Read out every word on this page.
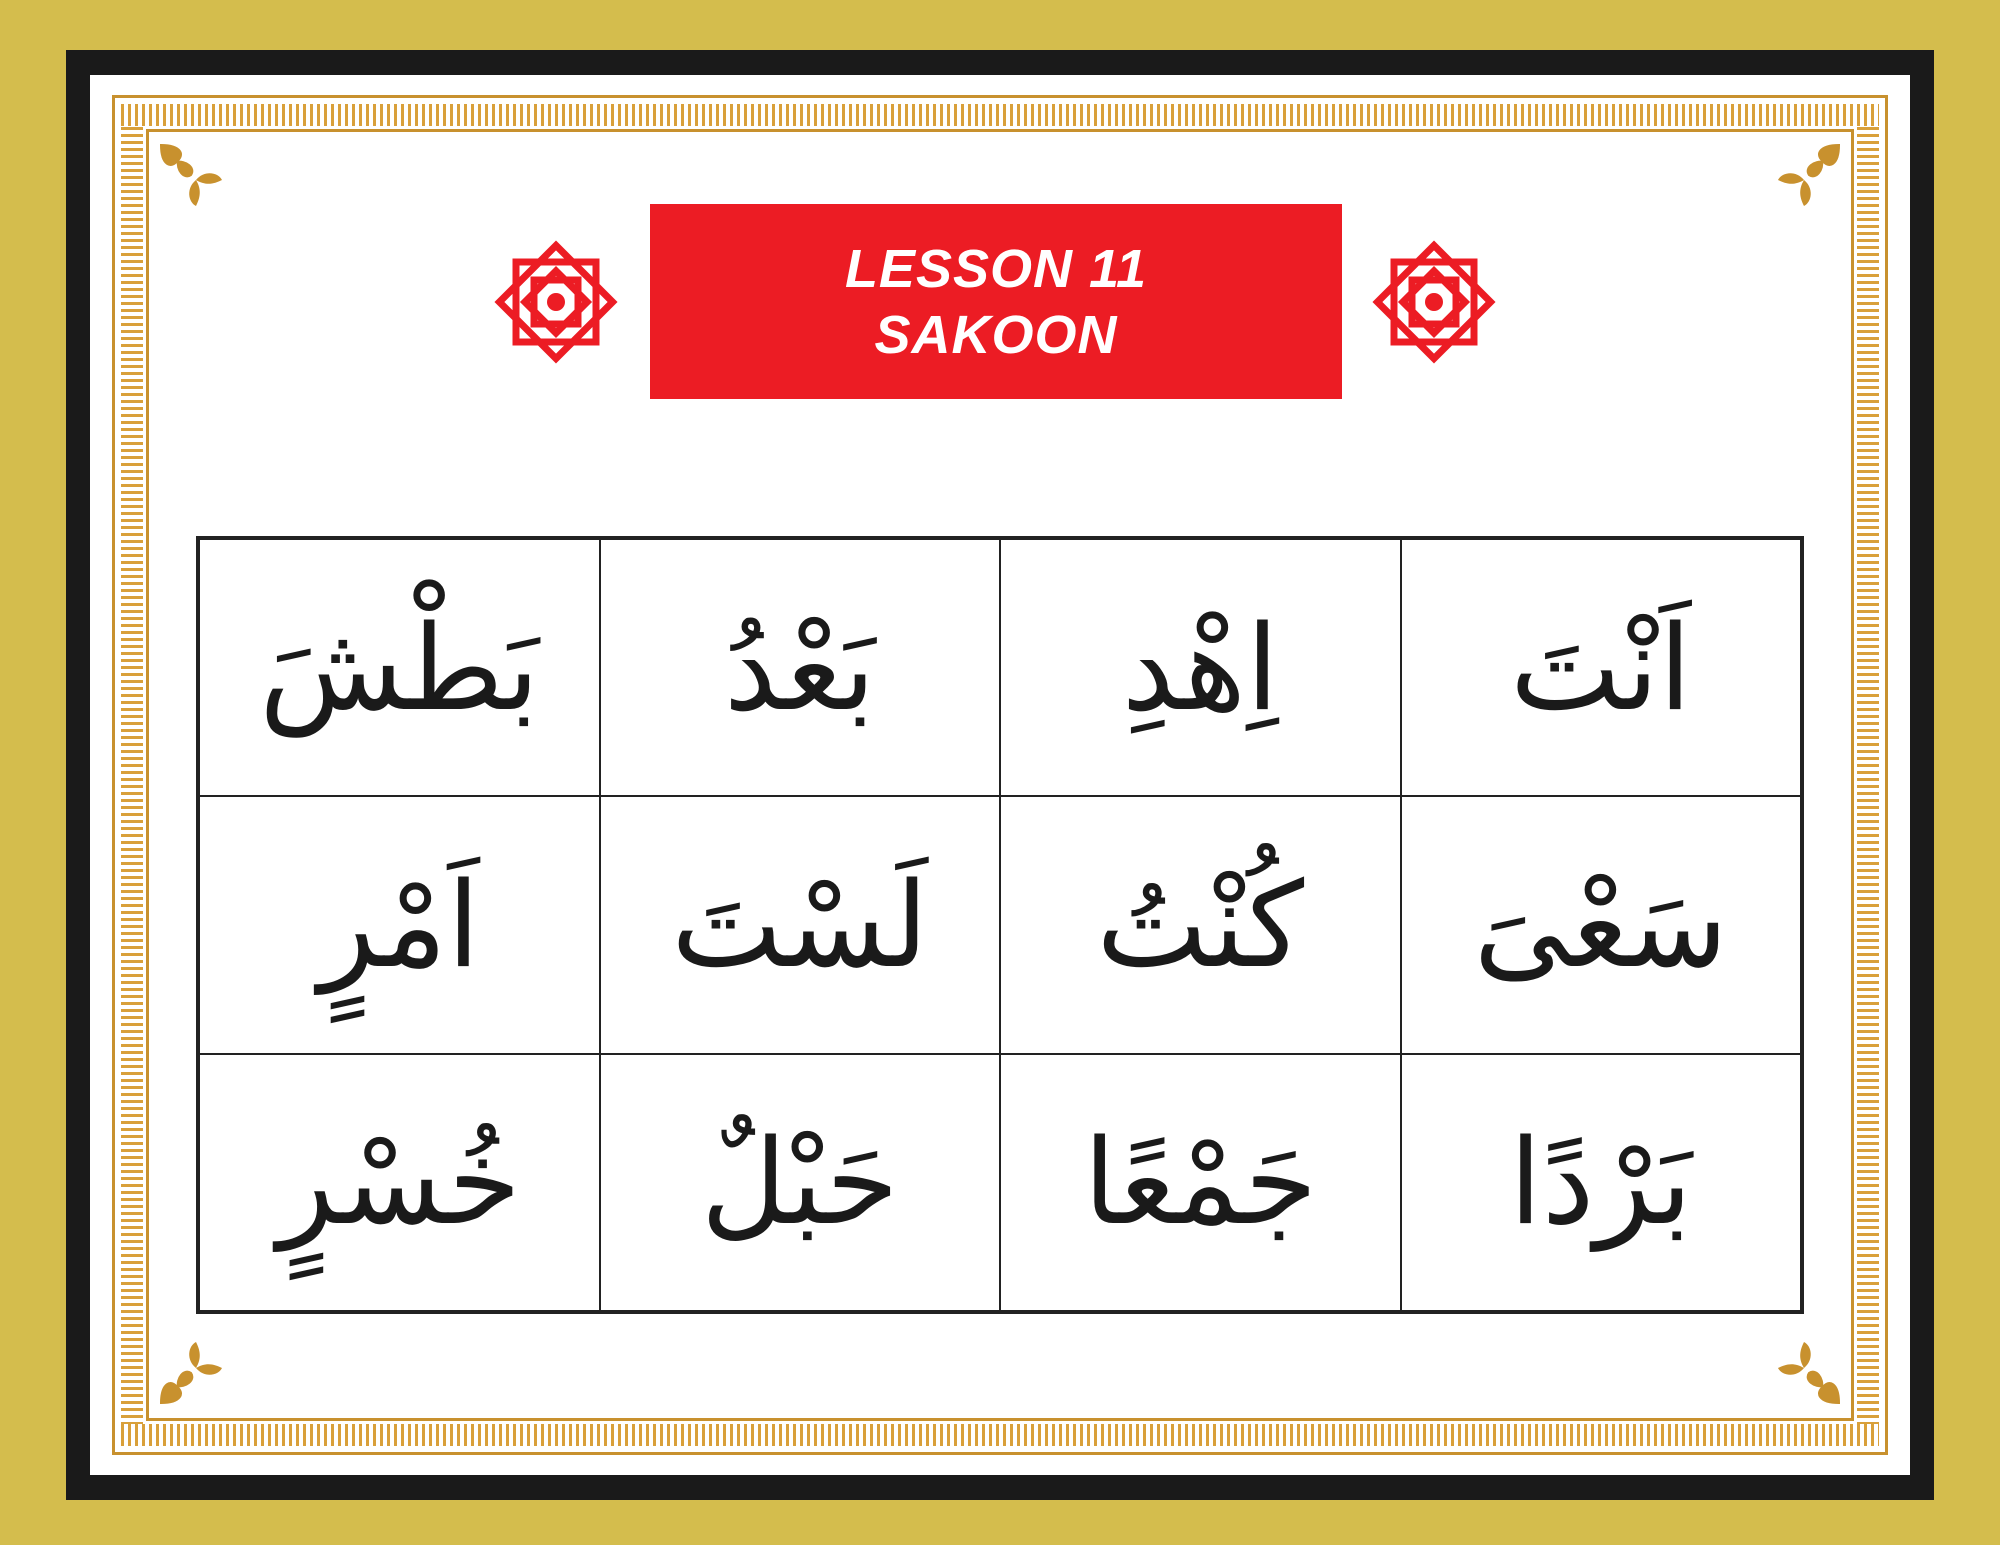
LESSON 11
SAKOON
بَطْشَ	بَعْدُ	اِهْدِ	اَنْتَ
اَمْرٍ	لَسْتَ	كُنْتُ	سَعْىَ
خُسْرٍ	حَبْلٌ	جَمْعًا	بَرْدًا
